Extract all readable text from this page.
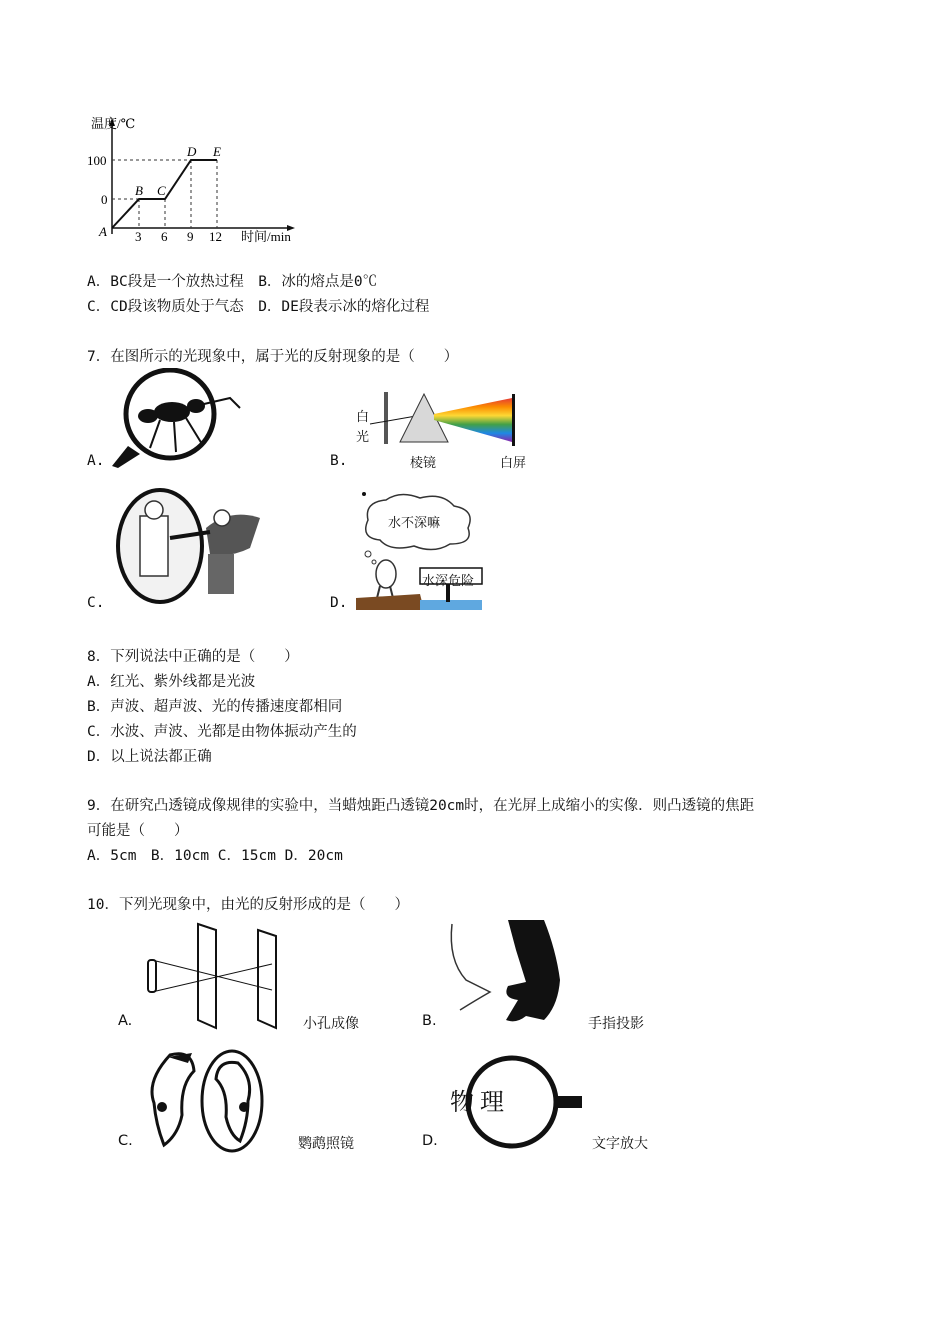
温度/℃
100
0
A
B C
D E
3 6 9 12 时间/min
A．BC段是一个放热过程　B．冰的熔点是0℃
C．CD段该物质处于气态　D．DE段表示冰的熔化过程
7．在图所示的光现象中，属于光的反射现象的是（　　）
A.	B.
白光
棱镜	白屏
C.	D.
水不深嘛
水深危险
8．下列说法中正确的是（　　）
A．红光、紫外线都是光波
B．声波、超声波、光的传播速度都相同
C．水波、声波、光都是由物体振动产生的
D．以上说法都正确
9．在研究凸透镜成像规律的实验中，当蜡烛距凸透镜20cm时，在光屏上成缩小的实像．则凸透镜的焦距
可能是（　　）
A．5cm　B．10cm C．15cm D．20cm
10．下列光现象中，由光的反射形成的是（　　）
A.	小孔成像	B.	手指投影
C.	鹦鹉照镜	D.
物理
文字放大
